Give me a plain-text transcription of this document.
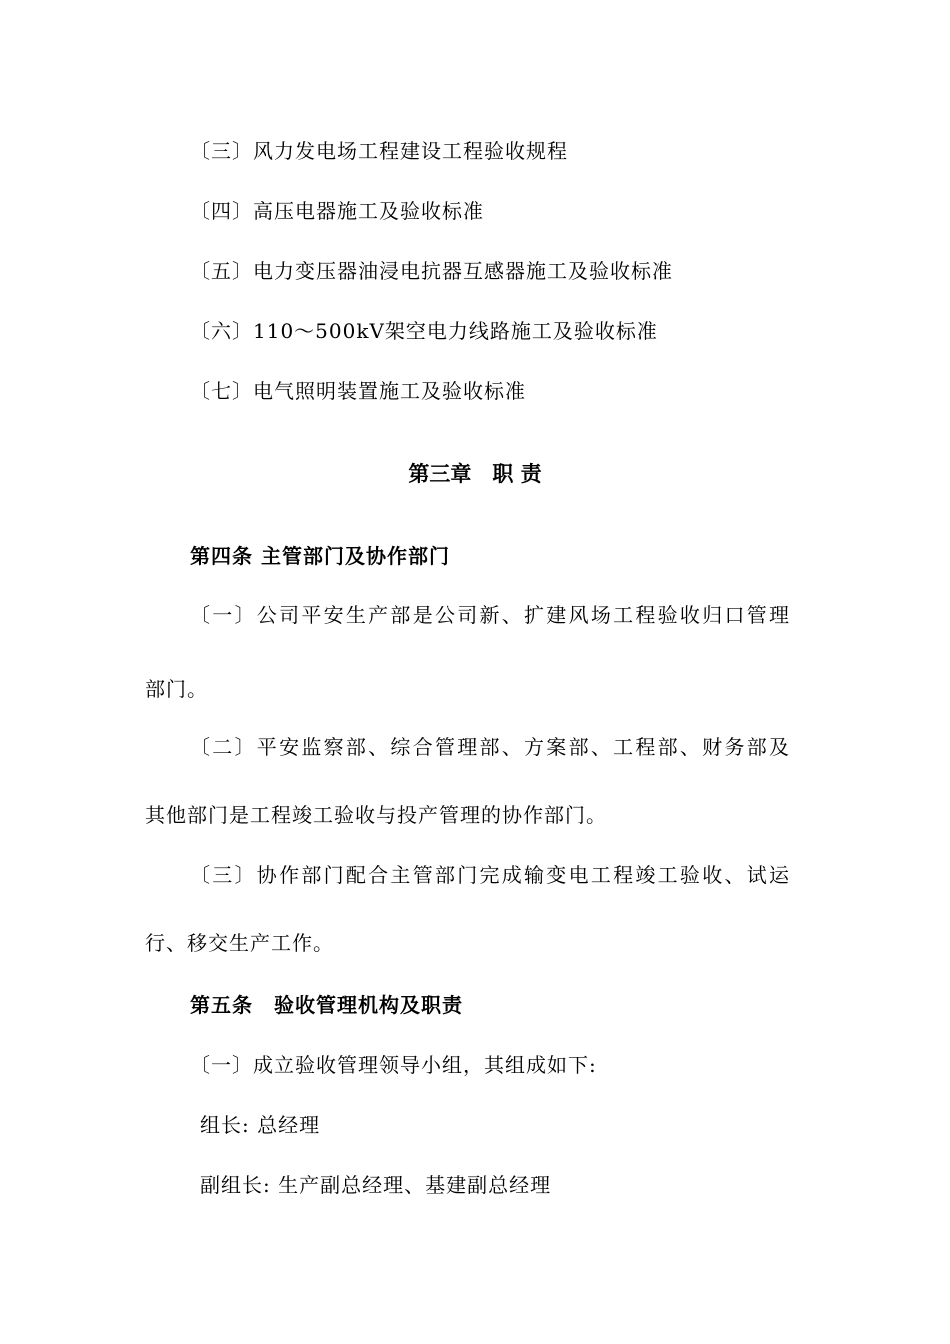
〔三〕风力发电场工程建设工程验收规程
〔四〕高压电器施工及验收标准
〔五〕电力变压器油浸电抗器互感器施工及验收标准
〔六〕110～500kV架空电力线路施工及验收标准
〔七〕电气照明装置施工及验收标准
第三章　职 责
第四条 主管部门及协作部门
〔一〕公司平安生产部是公司新、扩建风场工程验收归口管理
部门。
〔二〕平安监察部、综合管理部、方案部、工程部、财务部及
其他部门是工程竣工验收与投产管理的协作部门。
〔三〕协作部门配合主管部门完成输变电工程竣工验收、试运
行、移交生产工作。
第五条　验收管理机构及职责
〔一〕成立验收管理领导小组，其组成如下:
组长: 总经理
副组长: 生产副总经理、基建副总经理
